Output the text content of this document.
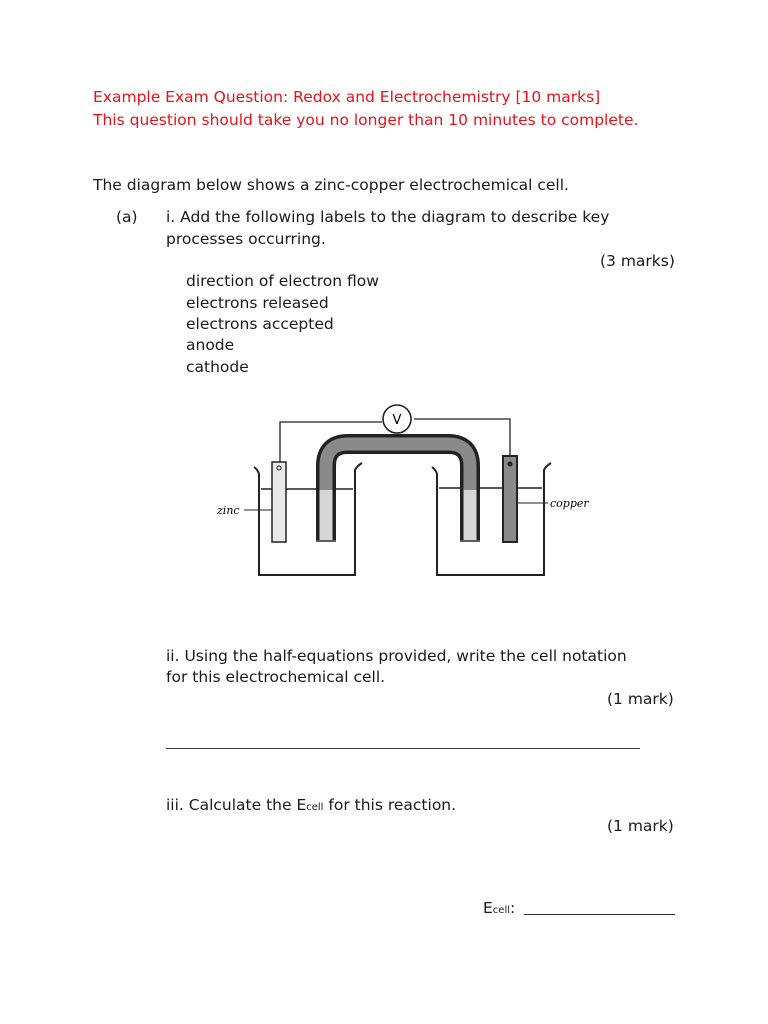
Example Exam Question: Redox and Electrochemistry [10 marks]
This question should take you no longer than 10 minutes to complete.
The diagram below shows a zinc-copper electrochemical cell.
(a) i. Add the following labels to the diagram to describe key
processes occurring.
(3 marks)
direction of electron flow
electrons released
electrons accepted
anode
cathode
V
zinc
copper
ii. Using the half-equations provided, write the cell notation
for this electrochemical cell.
(1 mark)
iii. Calculate the Ecell for this reaction.
(1 mark)
Ecell:
